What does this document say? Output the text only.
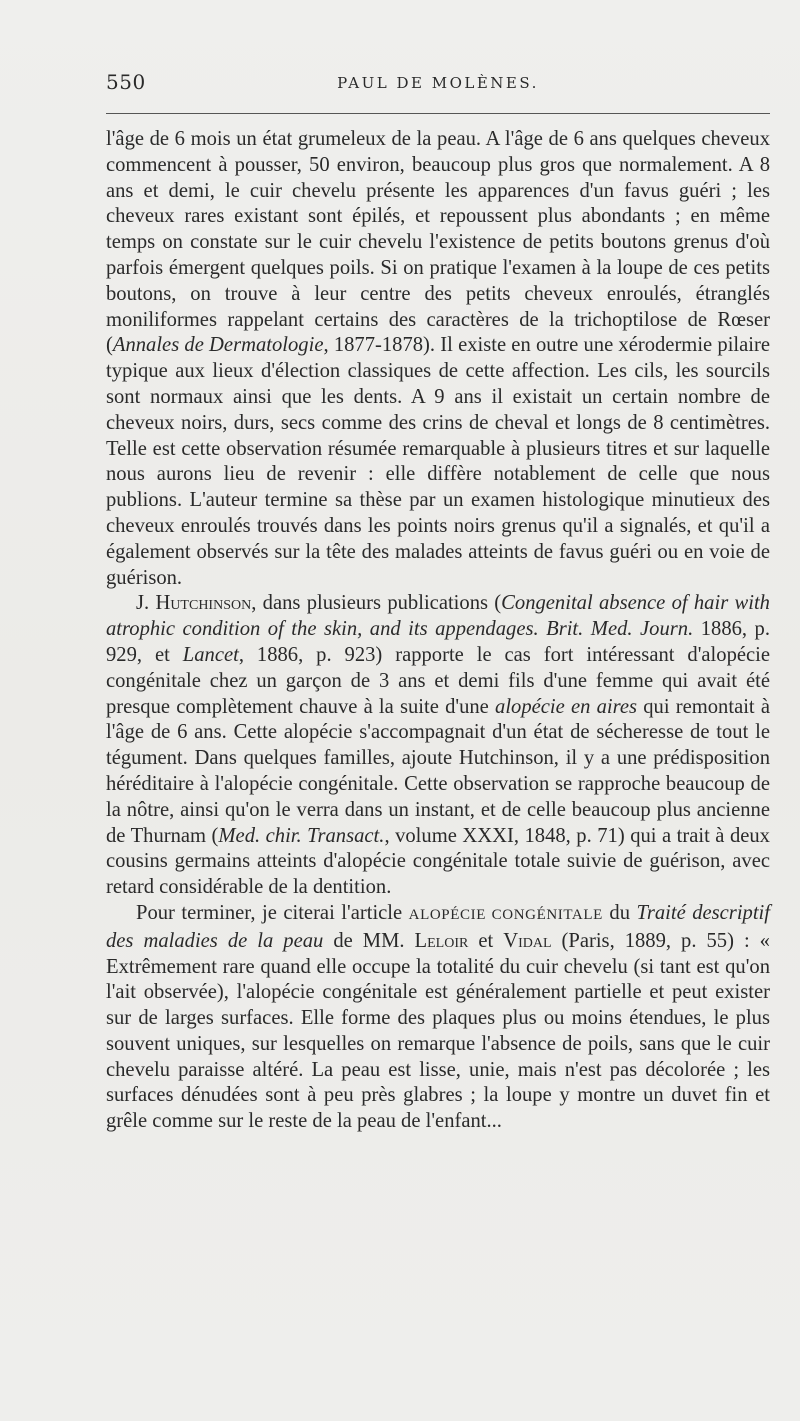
550	PAUL DE MOLÈNES.

l'âge de 6 mois un état grumeleux de la peau. A l'âge de 6 ans quelques cheveux commencent à pousser, 50 environ, beaucoup plus gros que normalement. A 8 ans et demi, le cuir chevelu présente les apparences d'un favus guéri ; les cheveux rares existant sont épilés, et repoussent plus abondants ; en même temps on constate sur le cuir chevelu l'existence de petits boutons grenus d'où parfois émergent quelques poils. Si on pratique l'examen à la loupe de ces petits boutons, on trouve à leur centre des petits cheveux enroulés, étranglés moniliformes rappelant certains des caractères de la trichoptilose de Rœser (Annales de Dermatologie, 1877-1878). Il existe en outre une xérodermie pilaire typique aux lieux d'élection classiques de cette affection. Les cils, les sourcils sont normaux ainsi que les dents. A 9 ans il existait un certain nombre de cheveux noirs, durs, secs comme des crins de cheval et longs de 8 centimètres. Telle est cette observation résumée remarquable à plusieurs titres et sur laquelle nous aurons lieu de revenir : elle diffère notablement de celle que nous publions. L'auteur termine sa thèse par un examen histologique minutieux des cheveux enroulés trouvés dans les points noirs grenus qu'il a signalés, et qu'il a également observés sur la tête des malades atteints de favus guéri ou en voie de guérison.

J. Hutchinson, dans plusieurs publications (Congenital absence of hair with atrophic condition of the skin, and its appendages. Brit. Med. Journ. 1886, p. 929, et Lancet, 1886, p. 923) rapporte le cas fort intéressant d'alopécie congénitale chez un garçon de 3 ans et demi fils d'une femme qui avait été presque complètement chauve à la suite d'une alopécie en aires qui remontait à l'âge de 6 ans. Cette alopécie s'accompagnait d'un état de sécheresse de tout le tégument. Dans quelques familles, ajoute Hutchinson, il y a une prédisposition héréditaire à l'alopécie congénitale. Cette observation se rapproche beaucoup de la nôtre, ainsi qu'on le verra dans un instant, et de celle beaucoup plus ancienne de Thurnam (Med. chir. Transact., volume XXXI, 1848, p. 71) qui a trait à deux cousins germains atteints d'alopécie congénitale totale suivie de guérison, avec retard considérable de la dentition.

Pour terminer, je citerai l'article ALOPÉCIE CONGÉNITALE du Traité descriptif des maladies de la peau de MM. Leloir et Vidal (Paris, 1889, p. 55) : « Extrêmement rare quand elle occupe la totalité du cuir chevelu (si tant est qu'on l'ait observée), l'alopécie congénitale est généralement partielle et peut exister sur de larges surfaces. Elle forme des plaques plus ou moins étendues, le plus souvent uniques, sur lesquelles on remarque l'absence de poils, sans que le cuir chevelu paraisse altéré. La peau est lisse, unie, mais n'est pas décolorée ; les surfaces dénudées sont à peu près glabres ; la loupe y montre un duvet fin et grêle comme sur le reste de la peau de l'enfant...
